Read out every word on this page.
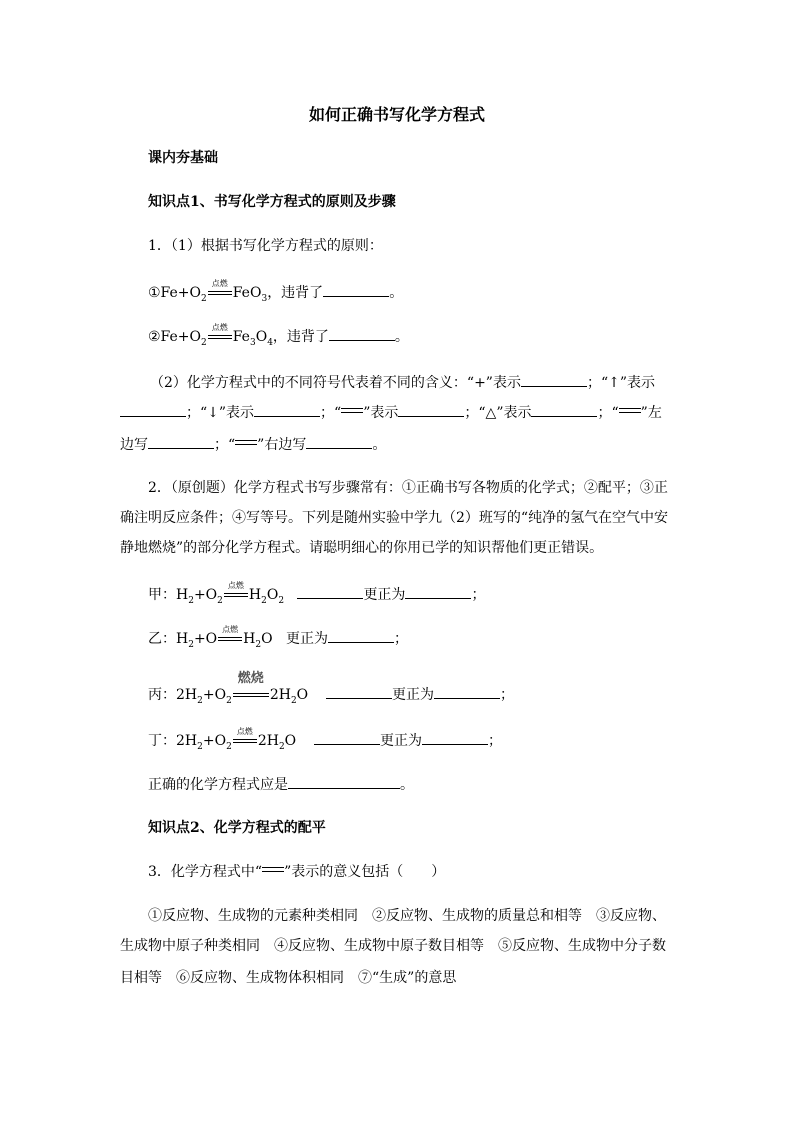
如何正确书写化学方程式
课内夯基础
知识点1、书写化学方程式的原则及步骤
1．（1）根据书写化学方程式的原则：
$①Fe+O_2$
点燃
FeO$_3$，违背了	。
$②Fe+O_2$
点燃
$Fe_3O_4$，违背了	。
（2）化学方程式中的不同符号代表着不同的含义：“+”表示	；“↑”表示
；“↓”表示	；“ ”表示	；“△”表示	；“ ”左
边写	；“ ”右边写	。
2．（原创题）化学方程式书写步骤常有：①正确书写各物质的化学式；②配平；③正
确注明反应条件；④写等号。下列是随州实验中学九（2）班写的“纯净的氢气在空气中安
静地燃烧”的部分化学方程式。请聪明细心的你用已学的知识帮他们更正错误。
甲：$H_2+O_2$
点燃
$H_2O_2$	更正为	；
乙：$H_2+O$
点燃
$H_2O$   更正为	；
丙：$2H_2+O_2$
燃烧
$2H_2O$	更正为	；
丁：$2H_2+O_2$
点燃
$2H_2O$	更正为	；
正确的化学方程式应是	。
知识点2、化学方程式的配平
3．化学方程式中“ ”表示的意义包括（　　）
①反应物、生成物的元素种类相同　②反应物、生成物的质量总和相等　③反应物、
生成物中原子种类相同　④反应物、生成物中原子数目相等　⑤反应物、生成物中分子数
目相等　⑥反应物、生成物体积相同　⑦“生成”的意思
